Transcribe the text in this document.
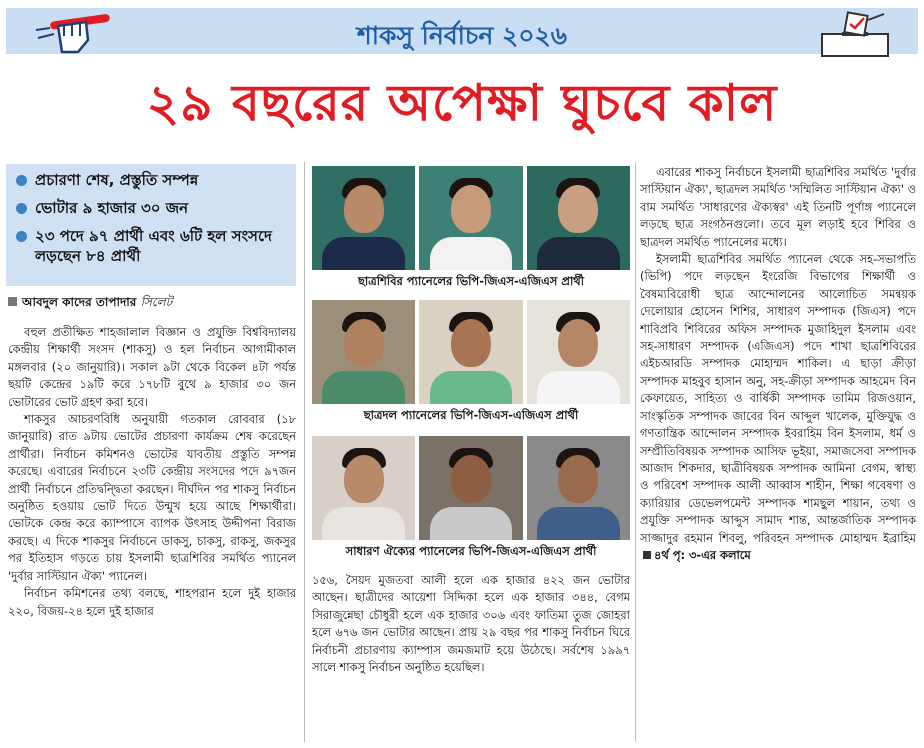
শাকসু নির্বাচন ২০২৬
২৯ বছরের অপেক্ষা ঘুচবে কাল
প্রচারণা শেষ, প্রস্তুতি সম্পন্ন
ভোটার ৯ হাজার ৩০ জন
২৩ পদে ৯৭ প্রার্থী এবং ৬টি হল সংসদে লড়ছেন ৮৪ প্রার্থী
আবদুল কাদের তাপাদার সিলেট

বহুল প্রতীক্ষিত শাহজালাল বিজ্ঞান ও প্রযুক্তি বিশ্ববিদ্যালয় কেন্দ্রীয় শিক্ষার্থী সংসদ (শাকসু) ও হল নির্বাচন আগামীকাল মঙ্গলবার (২০ জানুয়ারি)। সকাল ৯টা থেকে বিকেল ৪টা পর্যন্ত ছয়টি কেন্দ্রের ১৯টি করে ১৭৮টি বুথে ৯ হাজার ৩০ জন ভোটারের ভোট গ্রহণ করা হবে।

শাকসুর আচরণবিধি অনুযায়ী গতকাল রোববার (১৮ জানুয়ারি) রাত ৯টায় ভোটের প্রচারণা কার্যক্রম শেষ করেছেন প্রার্থীরা। নির্বাচন কমিশনও ভোটের যাবতীয় প্রস্তুতি সম্পন্ন করেছে। এবারের নির্বাচনে ২৩টি কেন্দ্রীয় সংসদের পদে ৯৭জন প্রার্থী নির্বাচনে প্রতিদ্বন্দ্বিতা করছেন। দীর্ঘদিন পর শাকসু নির্বাচন অনুষ্ঠিত হওয়ায় ভোট দিতে উন্মুখ হয়ে আছে শিক্ষার্থীরা। ভোটকে কেন্দ্র করে ক্যাম্পাসে ব্যাপক উৎসাহ উদ্দীপনা বিরাজ করছে। এ দিকে শাকসুর নির্বাচনে ডাকসু, চাকসু, রাকসু, জকসুর পর ইতিহাস গড়তে চায় ইসলামী ছাত্রশিবির সমর্থিত প্যানেল 'দুর্বার সাস্টিয়ান ঐক্য' প্যানেল।

নির্বাচন কমিশনের তথ্য বলছে, শাহপরান হলে দুই হাজার ২২০, বিজয়-২৪ হলে দুই হাজার

ছাত্রশিবির প্যানেলের ভিপি-জিএস-এজিএস প্রার্থী
ছাত্রদল প্যানেলের ভিপি-জিএস-এজিএস প্রার্থী
সাধারণ ঐক্যের প্যানেলের ভিপি-জিএস-এজিএস প্রার্থী

১৫৬, সৈয়দ মুজতবা আলী হলে এক হাজার ৪২২ জন ভোটার আছেন। ছাত্রীদের আয়েশা সিদ্দিকা হলে এক হাজার ৩৪৪, বেগম সিরাজুন্নেছা চৌধুরী হলে এক হাজার ৩০৬ এবং ফাতিমা তুজ জোহরা হলে ৬৭৬ জন ভোটার আছেন। প্রায় ২৯ বছর পর শাকসু নির্বাচন ঘিরে নির্বাচনী প্রচারণায় ক্যাম্পাস জমজমাট হয়ে উঠেছে। সর্বশেষ ১৯৯৭ সালে শাকসু নির্বাচন অনুষ্ঠিত হয়েছিল।

এবারের শাকসু নির্বাচনে ইসলামী ছাত্রশিবির সমর্থিত 'দুর্বার সাস্টিয়ান ঐক্য', ছাত্রদল সমর্থিত 'সম্মিলিত সাস্টিয়ান ঐক্য' ও বাম সমর্থিত 'সাধারণের ঐক্যস্বর' এই তিনটি পূর্ণাঙ্গ প্যানেলে লড়ছে ছাত্র সংগঠনগুলো। তবে মূল লড়াই হবে শিবির ও ছাত্রদল সমর্থিত প্যানেলের মধ্যে।

ইসলামী ছাত্রশিবির সমর্থিত প্যানেল থেকে সহ-সভাপতি (ভিপি) পদে লড়ছেন ইংরেজি বিভাগের শিক্ষার্থী ও বৈষম্যবিরোধী ছাত্র আন্দোলনের আলোচিত সমন্বয়ক দেলোয়ার হোসেন শিশির, সাধারণ সম্পাদক (জিএস) পদে শাবিপ্রবি শিবিরের অফিস সম্পাদক মুজাহিদুল ইসলাম এবং সহ-সাধারণ সম্পাদক (এজিএস) পদে শাখা ছাত্রশিবিরের এইচআরডি সম্পাদক মোহাম্মদ শাকিল। এ ছাড়া ক্রীড়া সম্পাদক মাহবুব হাসান অনু, সহ-ক্রীড়া সম্পাদক আহমেদ বিন কেফায়েত, সাহিত্য ও বার্ষিকী সম্পাদক তামিম রিজওয়ান, সাংস্কৃতিক সম্পাদক জাবের বিন আব্দুল খালেক, মুক্তিযুদ্ধ ও গণতান্ত্রিক আন্দোলন সম্পাদক ইবরাহিম বিন ইসলাম, ধর্ম ও সম্প্রীতিবিষয়ক সম্পাদক আসিফ ভূইয়া, সমাজসেবা সম্পাদক আজাদ শিকদার, ছাত্রীবিষয়ক সম্পাদক আমিনা বেগম, স্বাস্থ্য ও পরিবেশ সম্পাদক আলী আব্বাস শাহীন, শিক্ষা গবেষণা ও ক্যারিয়ার ডেভেলপমেন্ট সম্পাদক শামছুল শায়ান, তথ্য ও প্রযুক্তি সম্পাদক আব্দুস সামাদ শান্ত, আন্তর্জাতিক সম্পাদক সাজ্জাদুর রহমান শিবলু, পরিবহন সম্পাদক মোহাম্মদ ইব্রাহিম ৪র্থ পৃ: ৩-এর কলামে
